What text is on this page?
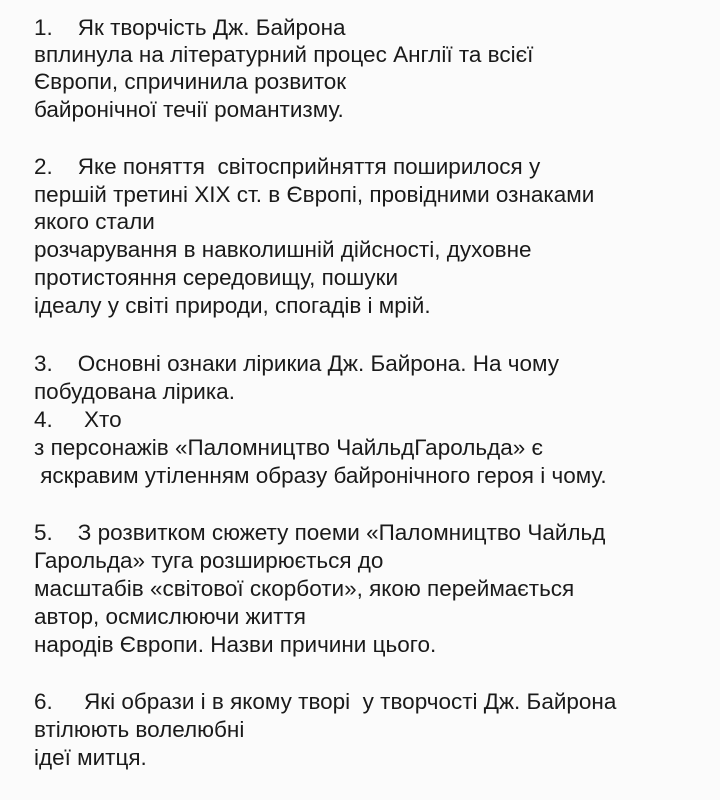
1.    Як творчість Дж. Байрона
вплинула на літературний процес Англії та всієї
Європи, спричинила розвиток
байронічної течії романтизму.
2.    Яке поняття  світосприйняття поширилося у
першій третині XIX ст. в Європі, провідними ознаками
якого стали
розчарування в навколишній дійсності, духовне
протистояння середовищу, пошуки
ідеалу у світі природи, спогадів і мрій.
3.    Основні ознаки лірикиа Дж. Байрона. На чому
побудована лірика.
4.     Хто
з персонажів «Паломництво ЧайльдГарольда» є
яскравим утіленням образу байронічного героя і чому.
5.    З розвитком сюжету поеми «Паломництво Чайльд
Гарольда» туга розширюється до
масштабів «світової скорботи», якою переймається
автор, осмислюючи життя
народів Європи. Назви причини цього.
6.     Які образи і в якому творі  у творчості Дж. Байрона
втілюють волелюбні
ідеї митця.
